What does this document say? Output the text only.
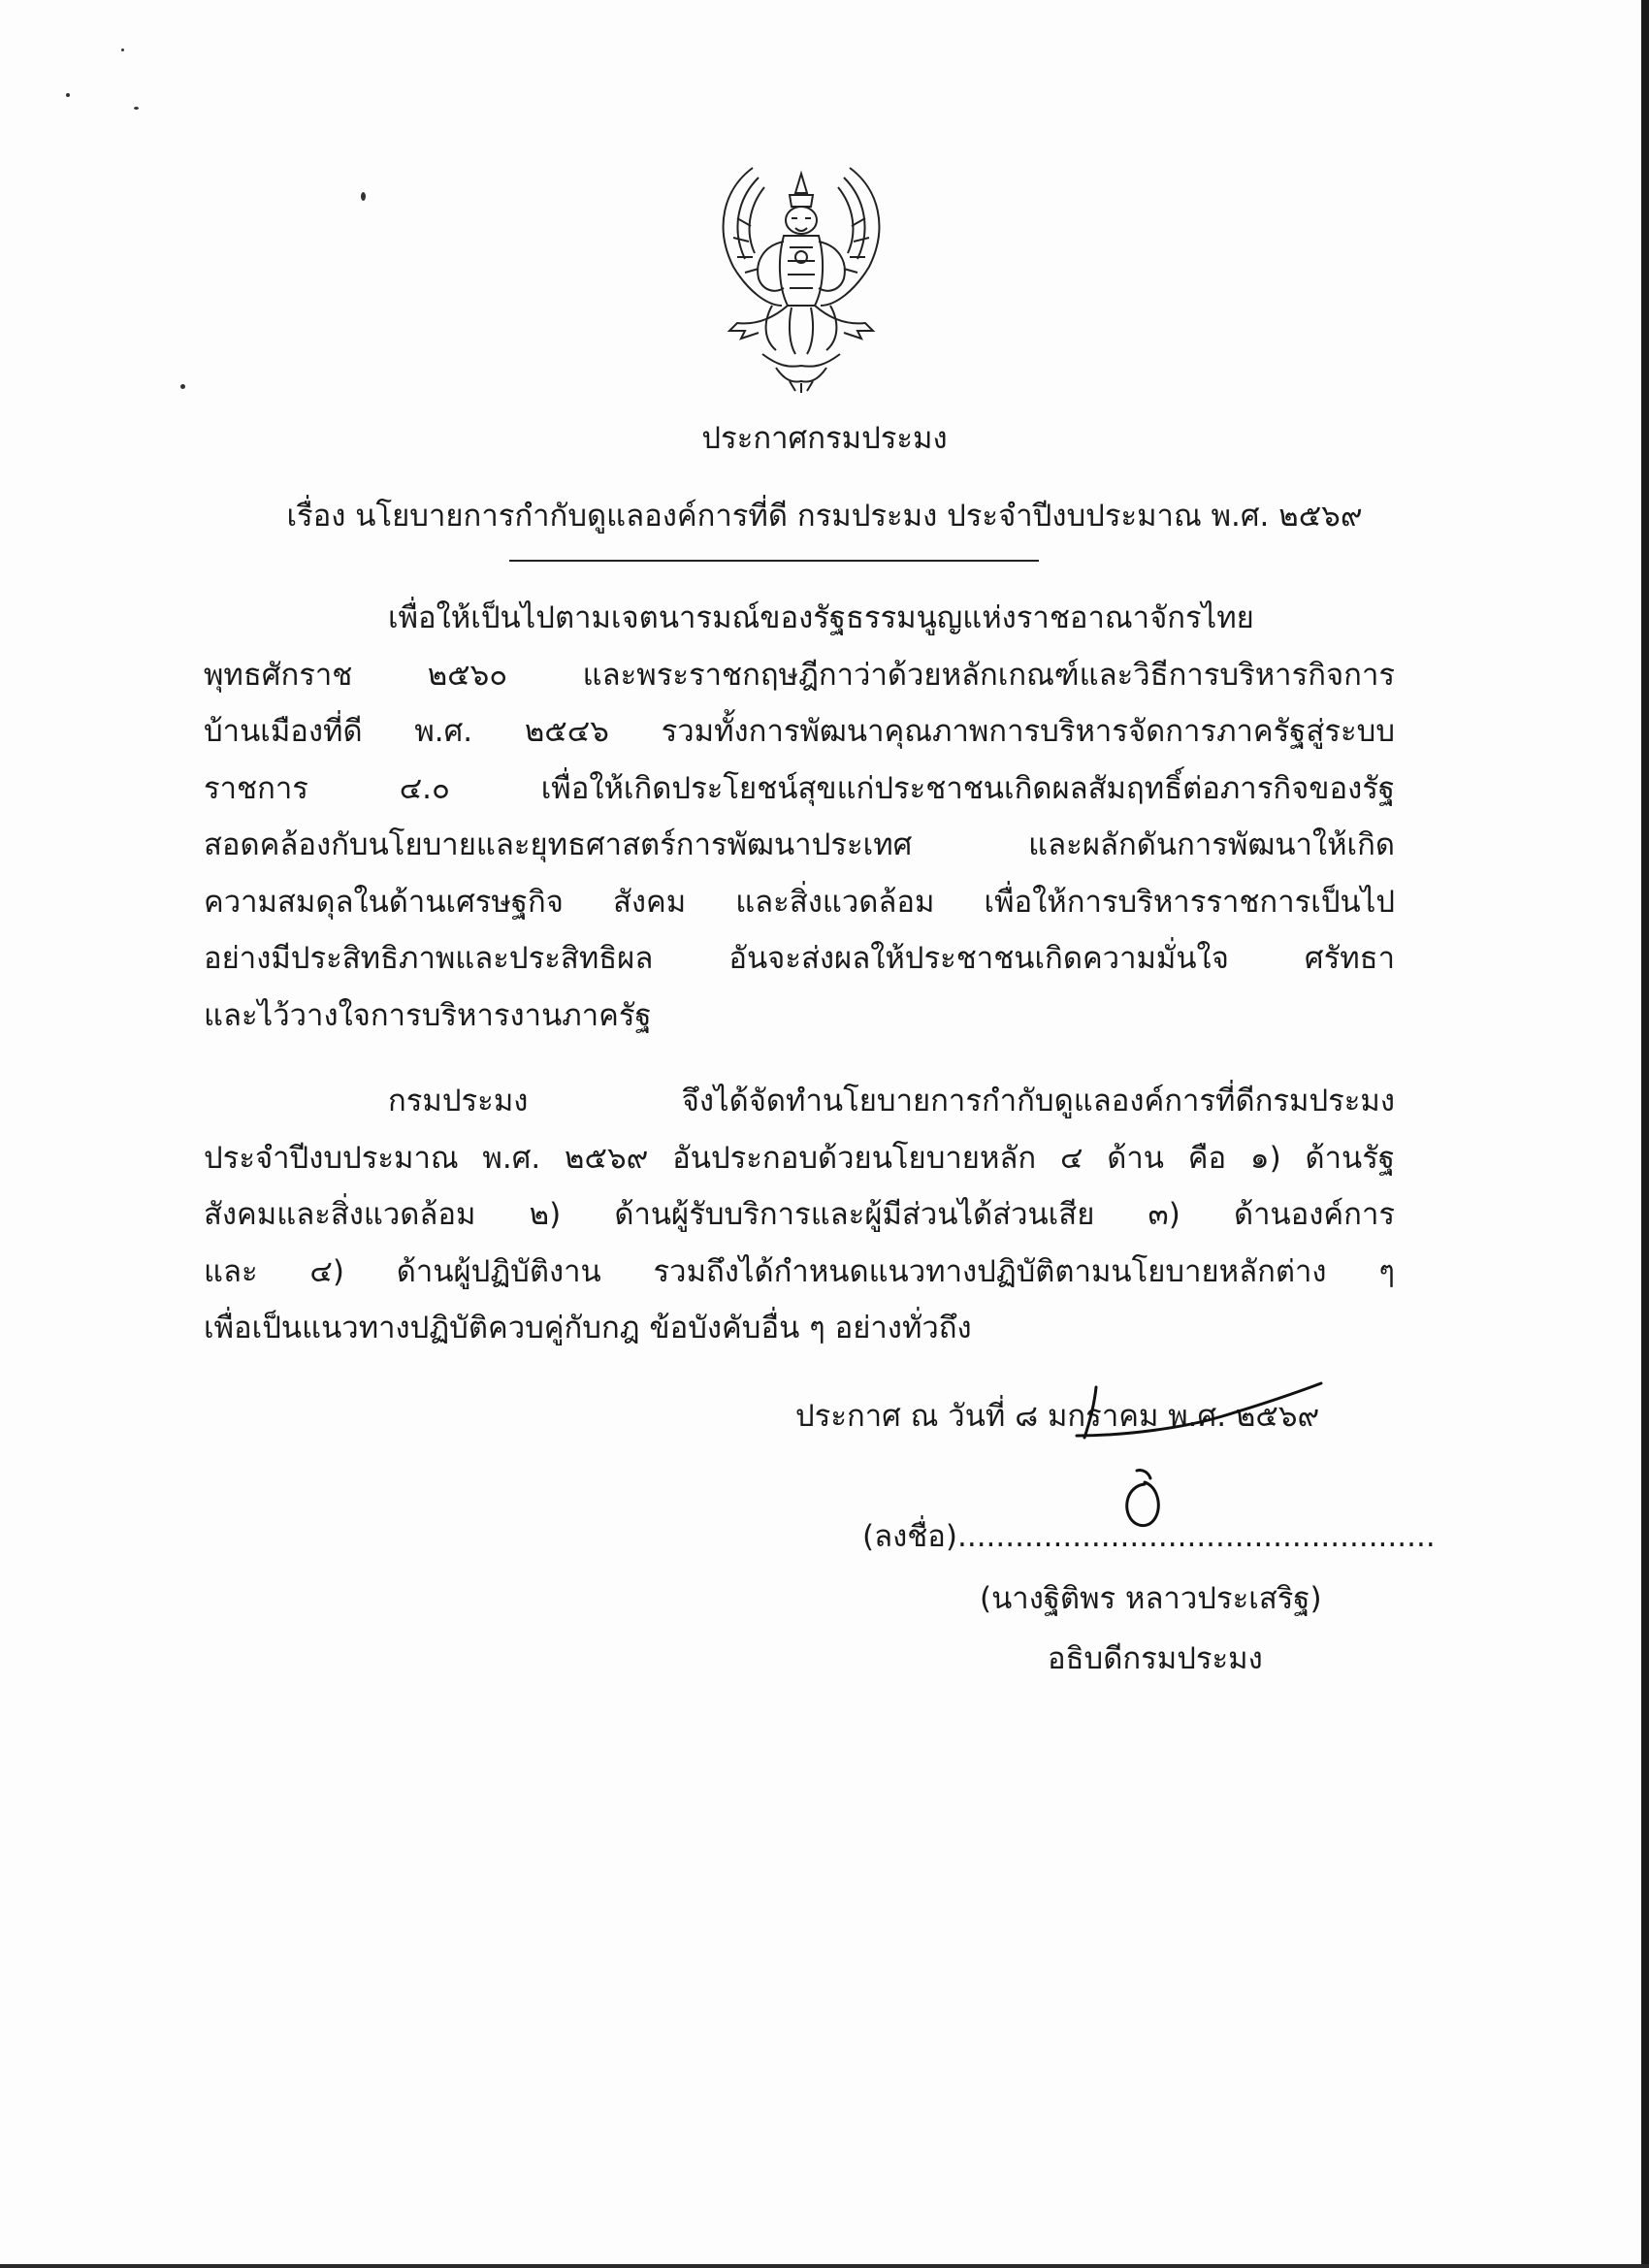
ประกาศกรมประมง
เรื่อง นโยบายการกำกับดูแลองค์การที่ดี กรมประมง ประจำปีงบประมาณ พ.ศ. ๒๕๖๙
เพื่อให้เป็นไปตามเจตนารมณ์ของรัฐธรรมนูญแห่งราชอาณาจักรไทย
พุทธศักราช ๒๕๖๐ และพระราชกฤษฎีกาว่าด้วยหลักเกณฑ์และวิธีการบริหารกิจการ
บ้านเมืองที่ดี พ.ศ. ๒๕๔๖ รวมทั้งการพัฒนาคุณภาพการบริหารจัดการภาครัฐสู่ระบบ
ราชการ ๔.๐ เพื่อให้เกิดประโยชน์สุขแก่ประชาชนเกิดผลสัมฤทธิ์ต่อภารกิจของรัฐ
สอดคล้องกับนโยบายและยุทธศาสตร์การพัฒนาประเทศ และผลักดันการพัฒนาให้เกิด
ความสมดุลในด้านเศรษฐกิจ สังคม และสิ่งแวดล้อม เพื่อให้การบริหารราชการเป็นไป
อย่างมีประสิทธิภาพและประสิทธิผล อันจะส่งผลให้ประชาชนเกิดความมั่นใจ ศรัทธา
และไว้วางใจการบริหารงานภาครัฐ
กรมประมง จึงได้จัดทำนโยบายการกำกับดูแลองค์การที่ดีกรมประมง
ประจำปีงบประมาณ พ.ศ. ๒๕๖๙ อันประกอบด้วยนโยบายหลัก ๔ ด้าน คือ ๑) ด้านรัฐ
สังคมและสิ่งแวดล้อม ๒) ด้านผู้รับบริการและผู้มีส่วนได้ส่วนเสีย ๓) ด้านองค์การ
และ ๔) ด้านผู้ปฏิบัติงาน รวมถึงได้กำหนดแนวทางปฏิบัติตามนโยบายหลักต่าง ๆ
เพื่อเป็นแนวทางปฏิบัติควบคู่กับกฎ ข้อบังคับอื่น ๆ อย่างทั่วถึง
ประกาศ ณ วันที่ ๘ มกราคม พ.ศ. ๒๕๖๙
(ลงชื่อ)..................................................
(นางฐิติพร หลาวประเสริฐ)
อธิบดีกรมประมง
